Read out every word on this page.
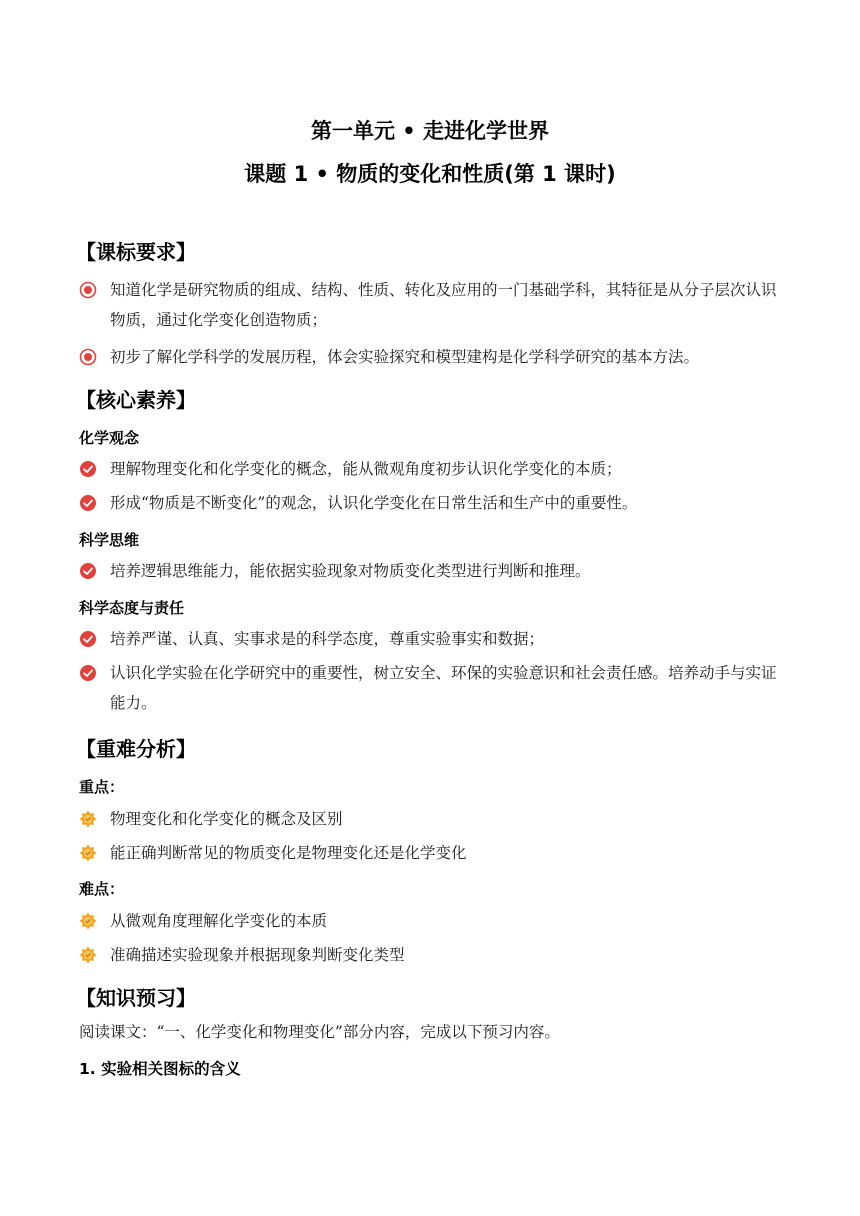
第一单元 • 走进化学世界
课题 1 • 物质的变化和性质(第 1 课时)
【课标要求】
知道化学是研究物质的组成、结构、性质、转化及应用的一门基础学科，其特征是从分子层次认识物质，通过化学变化创造物质；
初步了解化学科学的发展历程，体会实验探究和模型建构是化学科学研究的基本方法。
【核心素养】
化学观念
理解物理变化和化学变化的概念，能从微观角度初步认识化学变化的本质；
形成“物质是不断变化”的观念，认识化学变化在日常生活和生产中的重要性。
科学思维
培养逻辑思维能力，能依据实验现象对物质变化类型进行判断和推理。
科学态度与责任
培养严谨、认真、实事求是的科学态度，尊重实验事实和数据；
认识化学实验在化学研究中的重要性，树立安全、环保的实验意识和社会责任感。培养动手与实证能力。
【重难分析】
重点：
物理变化和化学变化的概念及区别
能正确判断常见的物质变化是物理变化还是化学变化
难点：
从微观角度理解化学变化的本质
准确描述实验现象并根据现象判断变化类型
【知识预习】
阅读课文：“一、化学变化和物理变化”部分内容，完成以下预习内容。
1. 实验相关图标的含义
